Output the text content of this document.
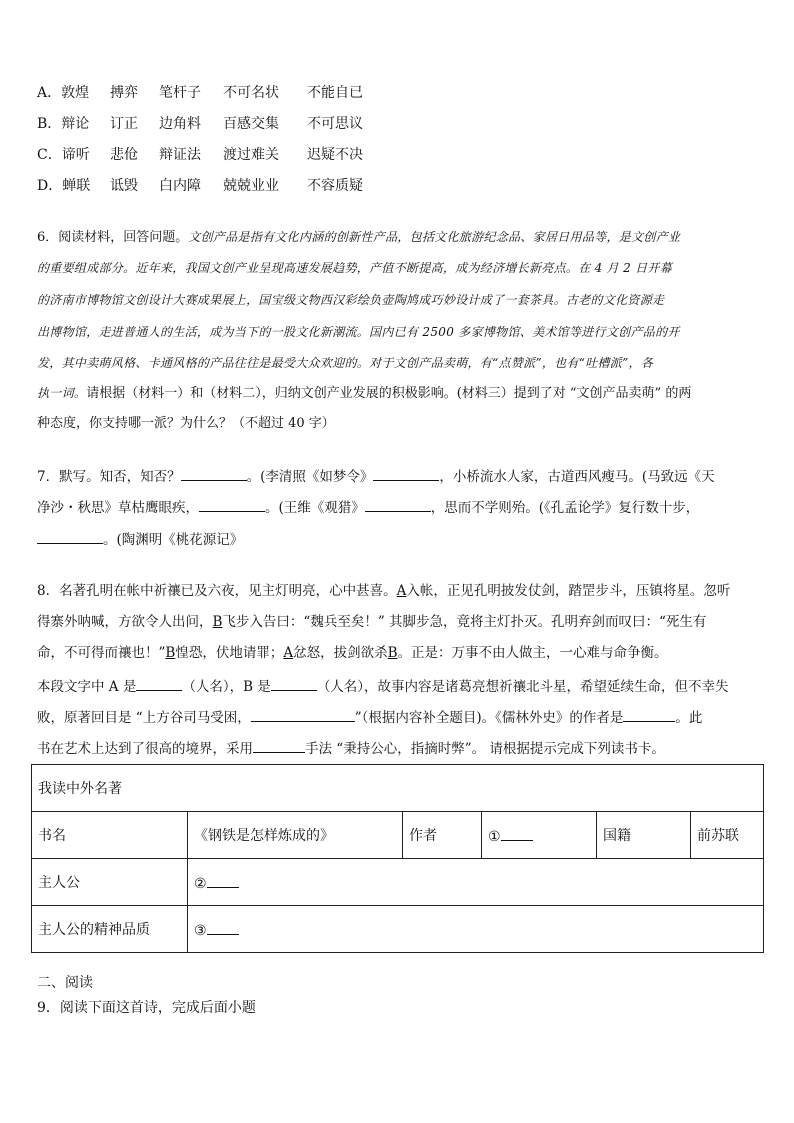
A．敦煌 搏弈 笔杆子 不可名状 不能自已
B．辩论 订正 边角料 百感交集 不可思议
C．谛听 悲伧 辩证法 渡过难关 迟疑不决
D．蝉联 诋毁 白内障 兢兢业业 不容质疑
6．阅读材料，回答问题。文创产品是指有文化内涵的创新性产品，包括文化旅游纪念品、家居日用品等，是文创产业
的重要组成部分。近年来，我国文创产业呈现高速发展趋势，产值不断提高，成为经济增长新亮点。在 4 月 2 日开幕
的济南市博物馆文创设计大赛成果展上，国宝级文物西汉彩绘负壶陶鸠成巧妙设计成了一套茶具。古老的文化资源走
出博物馆，走进普通人的生活，成为当下的一股文化新潮流。国内已有 2500 多家博物馆、美术馆等进行文创产品的开
发，其中卖萌风格、卡通风格的产品往往是最受大众欢迎的。对于文创产品卖萌，有“点赞派”，也有“吐槽派”，各
执一词。请根据（材料一）和（材料二），归纳文创产业发展的积极影响。(材料三）提到了对 “文创产品卖萌” 的两
种态度，你支持哪一派？为什么？（不超过 40 字）
7．默写。知否，知否？	。(李清照《如梦令》	，小桥流水人家，古道西风瘦马。(马致远《天
净沙・秋思》草枯鹰眼疾，	。(王维《观猎》	，思而不学则殆。(《孔孟论学》复行数十步，
。(陶渊明《桃花源记》
8．名著孔明在帐中祈禳已及六夜，见主灯明亮，心中甚喜。A入帐，正见孔明披发仗剑，踏罡步斗，压镇将星。忽听
得寨外呐喊，方欲令人出问，B飞步入告曰：“魏兵至矣！” 其脚步急，竟将主灯扑灭。孔明弃剑而叹曰：“死生有
命，不可得而禳也！”B惶恐，伏地请罪；A忿怒，拔剑欲杀B。正是：万事不由人做主，一心难与命争衡。
本段文字中 A 是	（人名），B 是	（人名），故事内容是诸葛亮想祈禳北斗星，希望延续生命，但不幸失
败，原著回目是 “上方谷司马受困，	”（根据内容补全题目)。《儒林外史》的作者是	。此
书在艺术上达到了很高的境界，采用	手法 “秉持公心，指摘时弊”。 请根据提示完成下列读书卡。
我读中外名著					
书名	《钢铁是怎样炼成的》	作者	①	国籍	前苏联
主人公	②				
主人公的精神品质	③				
二、阅读
9．阅读下面这首诗，完成后面小题
